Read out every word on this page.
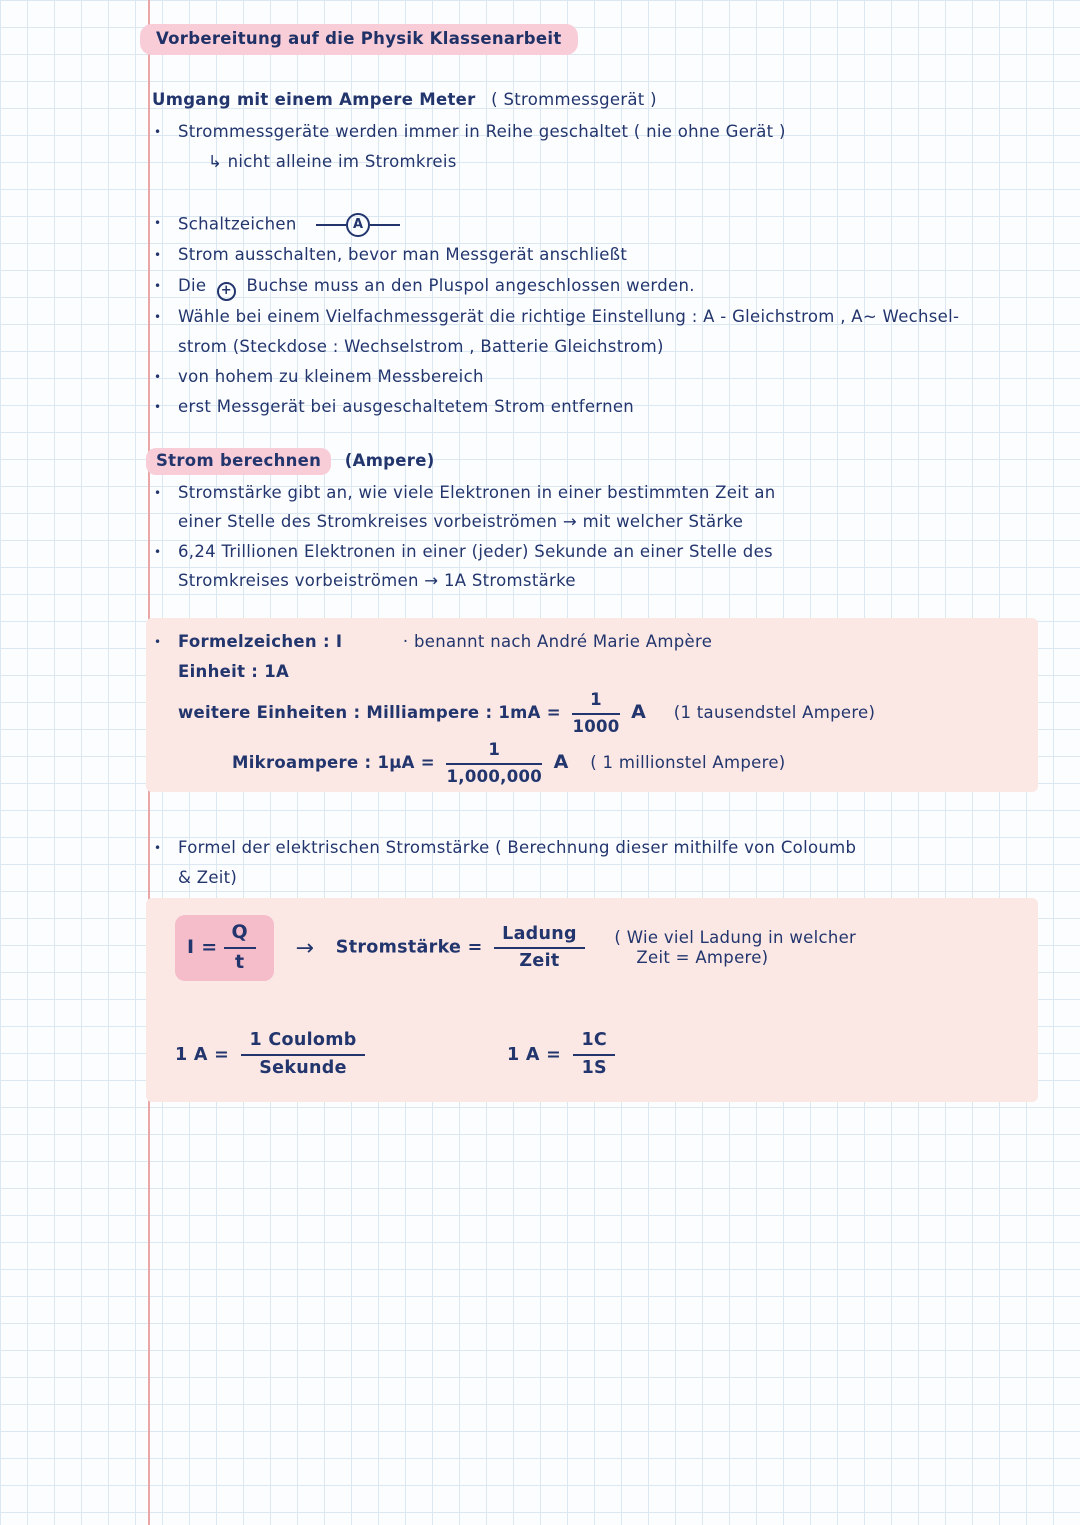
Vorbereitung auf die Physik Klassenarbeit
Umgang mit einem Ampere Meter ( Strommessgerät )
• Strommessgeräte werden immer in Reihe geschaltet ( nie ohne Gerät )
↳ nicht alleine im Stromkreis
• Schaltzeichen	A
• Strom ausschalten, bevor man Messgerät anschließt
• Die + Buchse muss an den Pluspol angeschlossen werden.
• Wähle bei einem Vielfachmessgerät die richtige Einstellung : A - Gleichstrom , A~ Wechsel-
strom (Steckdose : Wechselstrom , Batterie Gleichstrom)
• von hohem zu kleinem Messbereich
• erst Messgerät bei ausgeschaltetem Strom entfernen
Strom berechnen (Ampere)
• Stromstärke gibt an, wie viele Elektronen in einer bestimmten Zeit an
einer Stelle des Stromkreises vorbeiströmen → mit welcher Stärke
• 6,24 Trillionen Elektronen in einer (jeder) Sekunde an einer Stelle des
Stromkreises vorbeiströmen → 1A Stromstärke
• Formelzeichen : I	· benannt nach André Marie Ampère
Einheit : 1A
weitere Einheiten : Milliampere : $1mA = \frac{1}{1000}$ A (1 tausendstel Ampere)
Mikroampere : $1\mu A = \frac{1}{1,000,000}$ A ( 1 millionstel Ampere)
• Formel der elektrischen Stromstärke ( Berechnung dieser mithilfe von Coloumb
& Zeit)
$I = \frac{Q}{t}$ → Stromstärke = $\frac{\text{Ladung}}{\text{Zeit}}$
( Wie viel Ladung in welcher
Zeit = Ampere)
1 $A = \frac{\text{1 Coulomb}}{\text{Sekunde}}$	1 $A = \frac{1C}{1S}$
